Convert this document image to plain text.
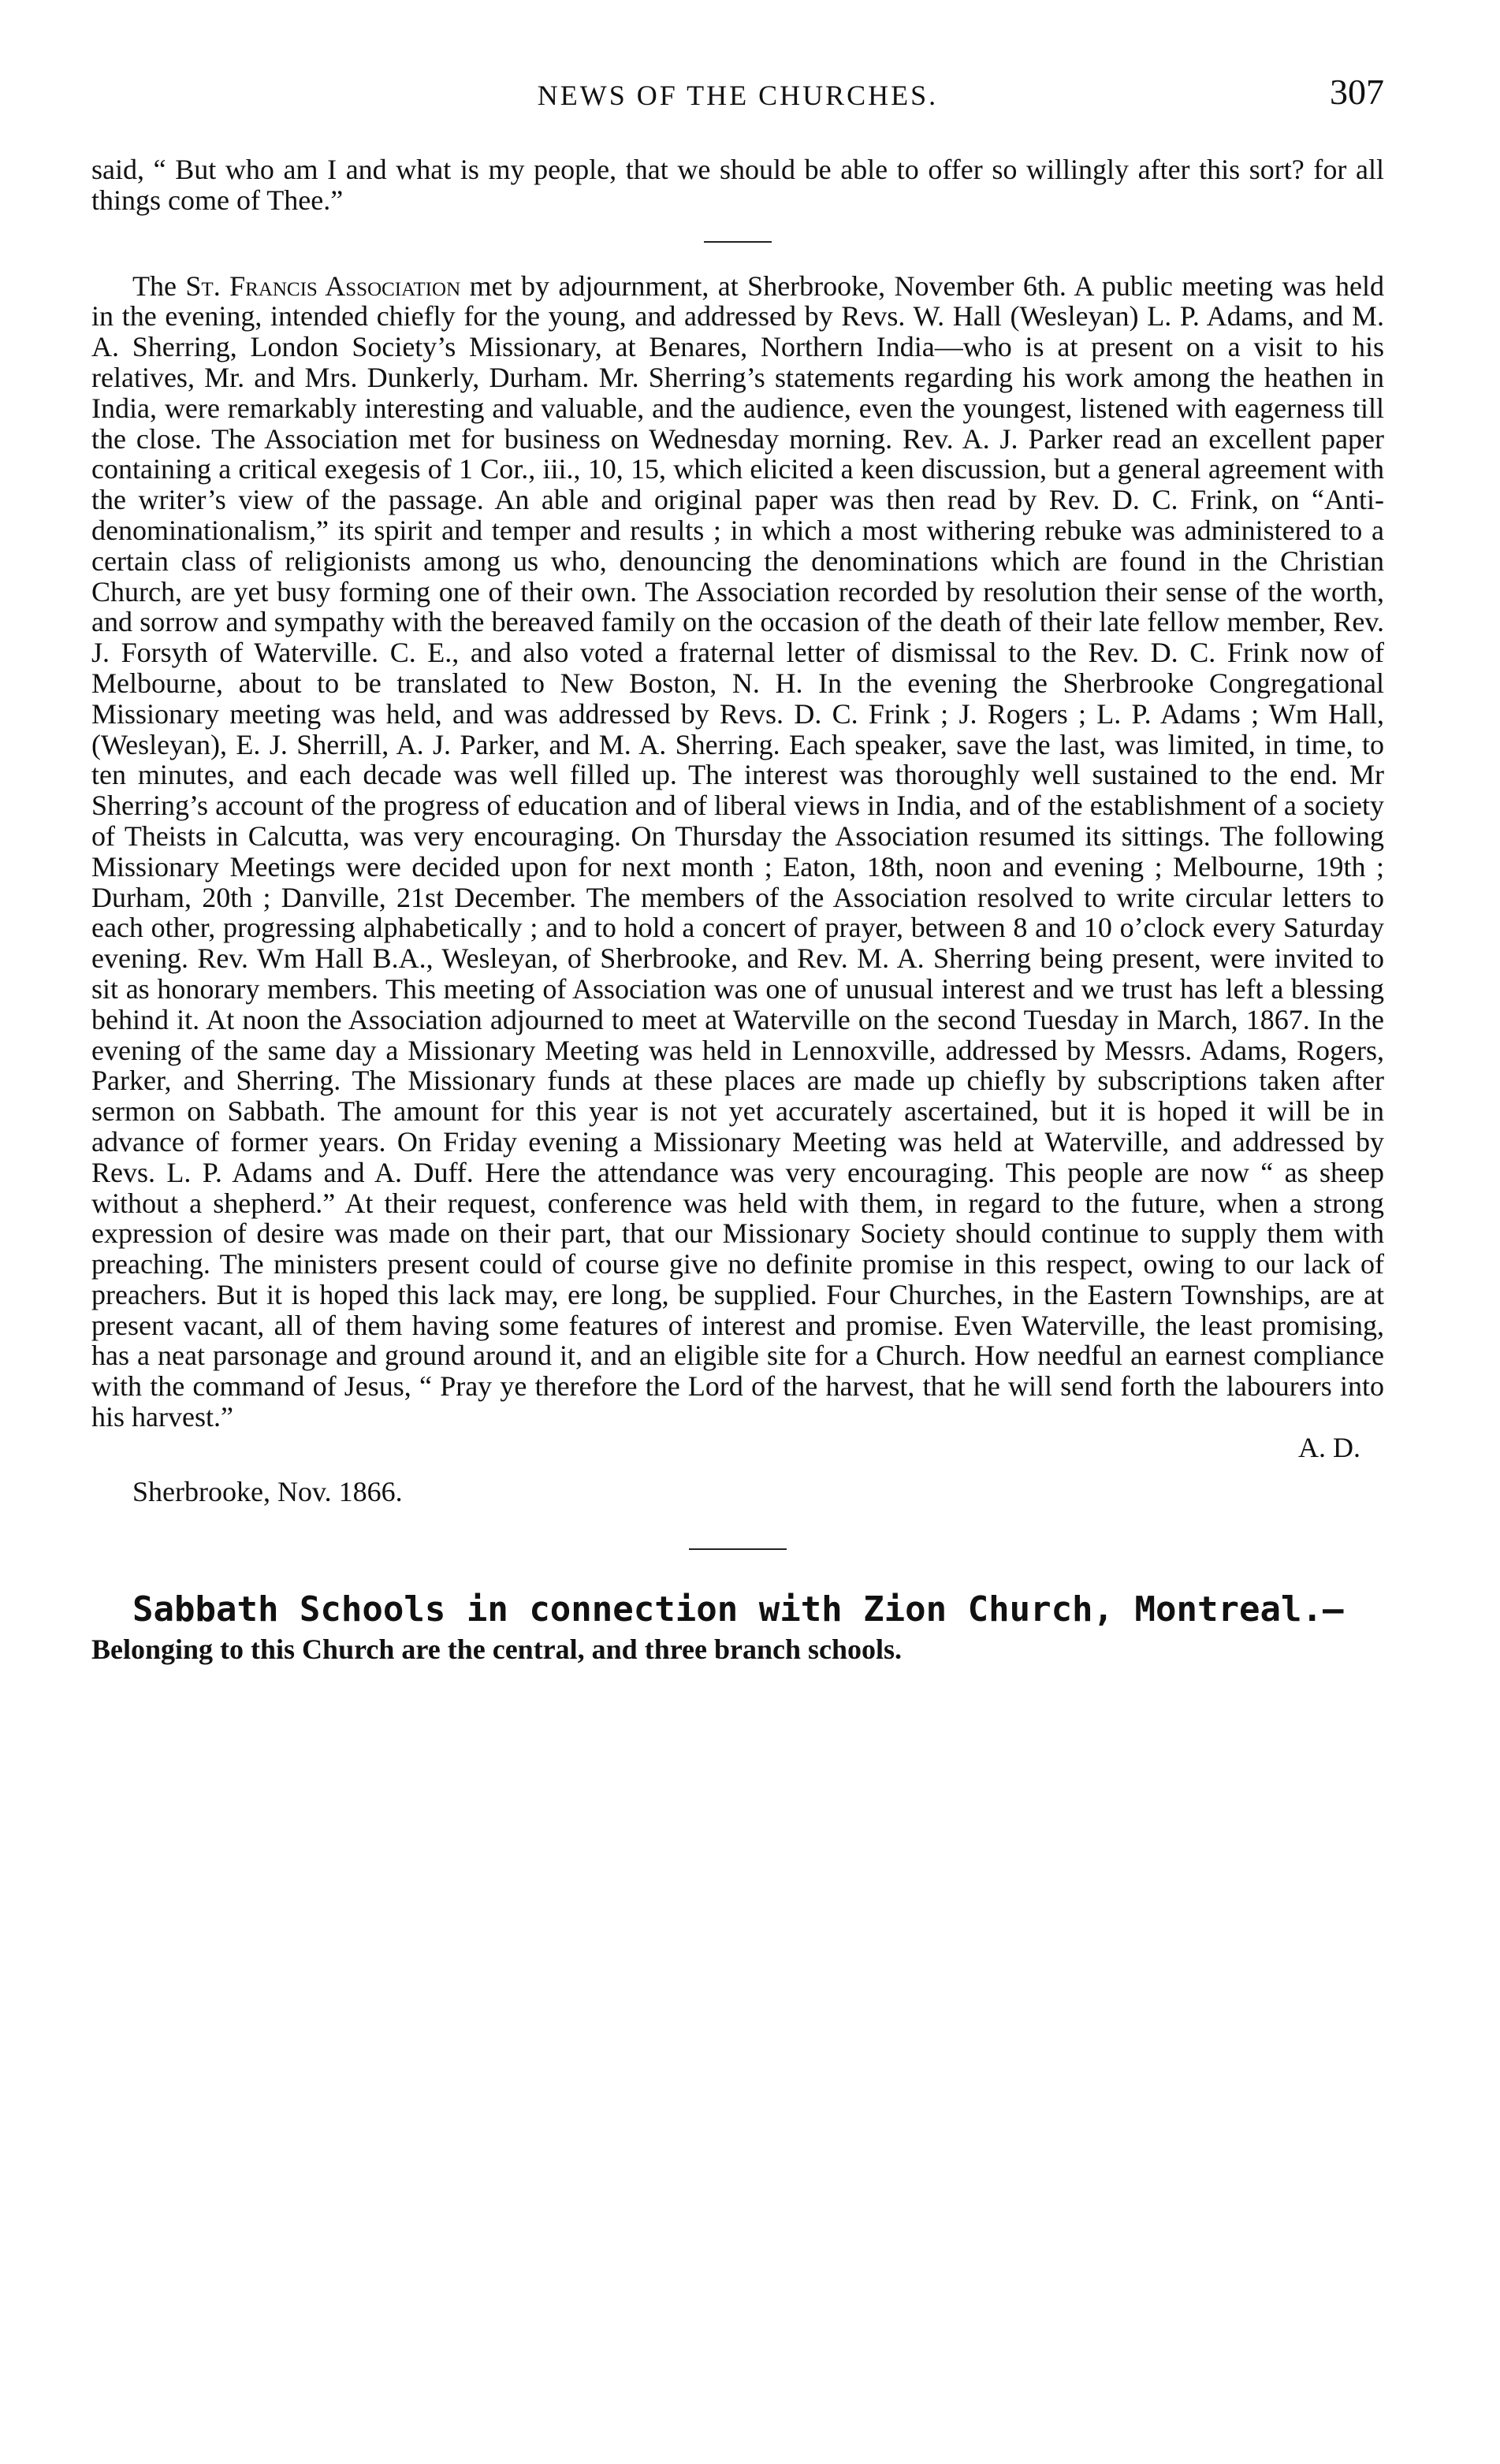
NEWS OF THE CHURCHES.	307

said, “ But who am I and what is my people, that we should be able to offer so willingly after this sort? for all things come of Thee.”

The St. Francis Association met by adjournment, at Sherbrooke, November 6th. A public meeting was held in the evening, intended chiefly for the young, and addressed by Revs. W. Hall (Wesleyan) L. P. Adams, and M. A. Sherring, London Society’s Missionary, at Benares, Northern India—who is at present on a visit to his relatives, Mr. and Mrs. Dunkerly, Durham. Mr. Sherring’s statements regarding his work among the heathen in India, were remarkably interesting and valuable, and the audience, even the youngest, listened with eagerness till the close. The Association met for business on Wednesday morning. Rev. A. J. Parker read an excellent paper containing a critical exegesis of 1 Cor., iii., 10, 15, which elicited a keen discussion, but a general agreement with the writer’s view of the passage. An able and original paper was then read by Rev. D. C. Frink, on “Anti-denominationalism,” its spirit and temper and results ; in which a most withering rebuke was administered to a certain class of religionists among us who, denouncing the denominations which are found in the Christian Church, are yet busy forming one of their own. The Association recorded by resolution their sense of the worth, and sorrow and sympathy with the bereaved family on the occasion of the death of their late fellow member, Rev. J. Forsyth of Waterville. C. E., and also voted a fraternal letter of dismissal to the Rev. D. C. Frink now of Melbourne, about to be translated to New Boston, N. H. In the evening the Sherbrooke Congregational Missionary meeting was held, and was addressed by Revs. D. C. Frink ; J. Rogers ; L. P. Adams ; Wm Hall, (Wesleyan), E. J. Sherrill, A. J. Parker, and M. A. Sherring. Each speaker, save the last, was limited, in time, to ten minutes, and each decade was well filled up. The interest was thoroughly well sustained to the end. Mr Sherring’s account of the progress of education and of liberal views in India, and of the establishment of a society of Theists in Calcutta, was very encouraging. On Thursday the Association resumed its sittings. The following Missionary Meetings were decided upon for next month ; Eaton, 18th, noon and evening ; Melbourne, 19th ; Durham, 20th ; Danville, 21st December. The members of the Association resolved to write circular letters to each other, progressing alphabetically ; and to hold a concert of prayer, between 8 and 10 o’clock every Saturday evening. Rev. Wm Hall B.A., Wesleyan, of Sherbrooke, and Rev. M. A. Sherring being present, were invited to sit as honorary members. This meeting of Association was one of unusual interest and we trust has left a blessing behind it. At noon the Association adjourned to meet at Waterville on the second Tuesday in March, 1867. In the evening of the same day a Missionary Meeting was held in Lennoxville, addressed by Messrs. Adams, Rogers, Parker, and Sherring. The Missionary funds at these places are made up chiefly by subscriptions taken after sermon on Sabbath. The amount for this year is not yet accurately ascertained, but it is hoped it will be in advance of former years. On Friday evening a Missionary Meeting was held at Waterville, and addressed by Revs. L. P. Adams and A. Duff. Here the attendance was very encouraging. This people are now “ as sheep without a shepherd.” At their request, conference was held with them, in regard to the future, when a strong expression of desire was made on their part, that our Missionary Society should continue to supply them with preaching. The ministers present could of course give no definite promise in this respect, owing to our lack of preachers. But it is hoped this lack may, ere long, be supplied. Four Churches, in the Eastern Townships, are at present vacant, all of them having some features of interest and promise. Even Waterville, the least promising, has a neat parsonage and ground around it, and an eligible site for a Church. How needful an earnest compliance with the command of Jesus, “ Pray ye therefore the Lord of the harvest, that he will send forth the labourers into his harvest.”

A. D.
Sherbrooke, Nov. 1866.

Sabbath Schools in connection with Zion Church, Montreal.—
Belonging to this Church are the central, and three branch schools.
